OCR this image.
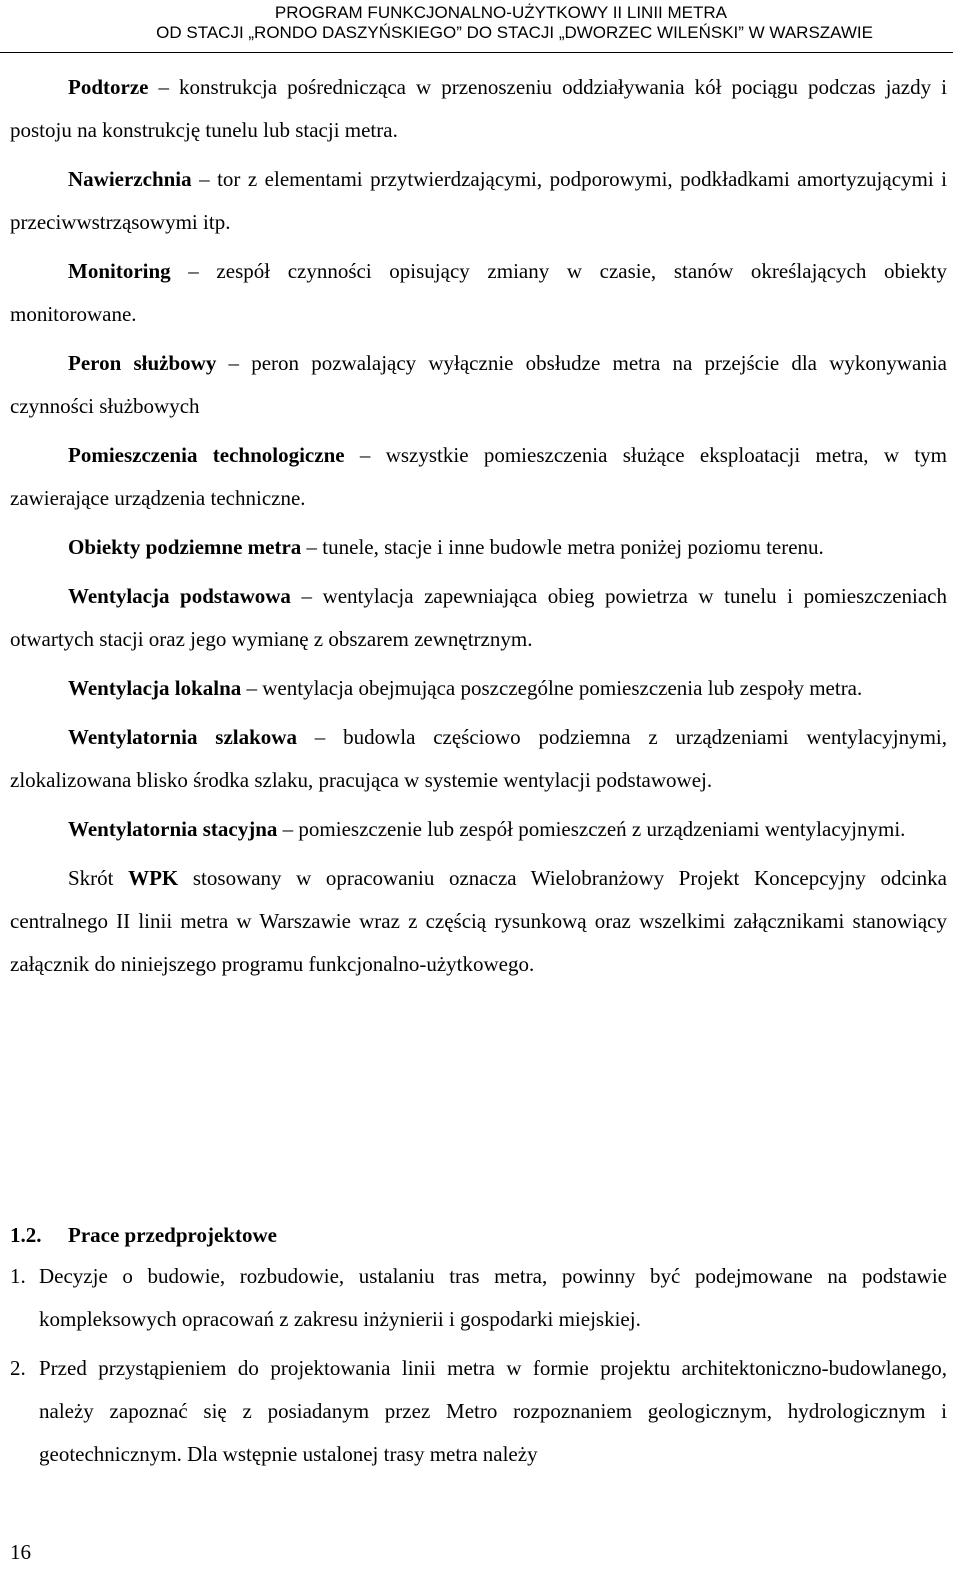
PROGRAM FUNKCJONALNO-UŻYTKOWY II LINII METRA
OD STACJI „RONDO DASZYŃSKIEGO” DO STACJI „DWORZEC WILEŃSKI” W WARSZAWIE

Podtorze – konstrukcja pośrednicząca w przenoszeniu oddziaływania kół pociągu podczas jazdy i postoju na konstrukcję tunelu lub stacji metra.

Nawierzchnia – tor z elementami przytwierdzającymi, podporowymi, podkładkami amortyzującymi i przeciwwstrząsowymi itp.

Monitoring – zespół czynności opisujący zmiany w czasie, stanów określających obiekty monitorowane.

Peron służbowy – peron pozwalający wyłącznie obsłudze metra na przejście dla wykonywania czynności służbowych

Pomieszczenia technologiczne – wszystkie pomieszczenia służące eksploatacji metra, w tym zawierające urządzenia techniczne.

Obiekty podziemne metra – tunele, stacje i inne budowle metra poniżej poziomu terenu.

Wentylacja podstawowa – wentylacja zapewniająca obieg powietrza w tunelu i pomieszczeniach otwartych stacji oraz jego wymianę z obszarem zewnętrznym.

Wentylacja lokalna – wentylacja obejmująca poszczególne pomieszczenia lub zespoły metra.

Wentylatornia szlakowa – budowla częściowo podziemna z urządzeniami wentylacyjnymi, zlokalizowana blisko środka szlaku, pracująca w systemie wentylacji podstawowej.

Wentylatornia stacyjna – pomieszczenie lub zespół pomieszczeń z urządzeniami wentylacyjnymi.

Skrót WPK stosowany w opracowaniu oznacza Wielobranżowy Projekt Koncepcyjny odcinka centralnego II linii metra w Warszawie wraz z częścią rysunkową oraz wszelkimi załącznikami stanowiący załącznik do niniejszego programu funkcjonalno-użytkowego.

1.2. Prace przedprojektowe
1. Decyzje o budowie, rozbudowie, ustalaniu tras metra, powinny być podejmowane na podstawie kompleksowych opracowań z zakresu inżynierii i gospodarki miejskiej.
2. Przed przystąpieniem do projektowania linii metra w formie projektu architektoniczno-budowlanego, należy zapoznać się z posiadanym przez Metro rozpoznaniem geologicznym, hydrologicznym i geotechnicznym. Dla wstępnie ustalonej trasy metra należy
16
